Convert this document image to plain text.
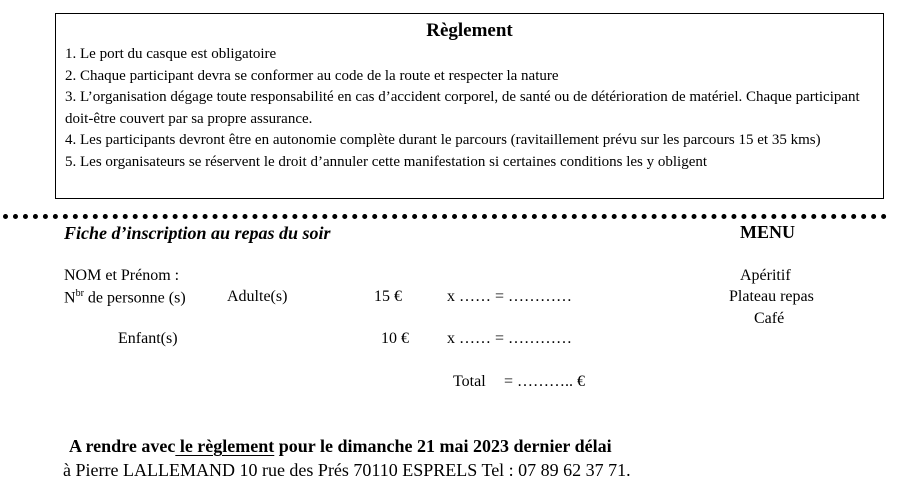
Règlement
1. Le port du casque est obligatoire
2. Chaque participant devra se conformer au code de la route et respecter la nature
3. L’organisation dégage toute responsabilité en cas d’accident corporel, de santé ou de détérioration de matériel. Chaque participant doit-être couvert par sa propre assurance.
4. Les participants devront être en autonomie complète durant le parcours (ravitaillement prévu sur les parcours 15 et 35 kms)
5. Les organisateurs se réservent le droit d’annuler cette manifestation si certaines conditions les y obligent
Fiche d’inscription au repas du soir	MENU
NOM et Prénom :
$N^{br}$ de personne (s)	Adulte(s)	15 €	x …… = …………
Enfant(s)	10 € x …… = …………
Total = ……….. €
Apéritif
Plateau repas
Café
A rendre avec le règlement pour le dimanche 21 mai 2023 dernier délai
à Pierre LALLEMAND 10 rue des Prés 70110 ESPRELS Tel : 07 89 62 37 71.
